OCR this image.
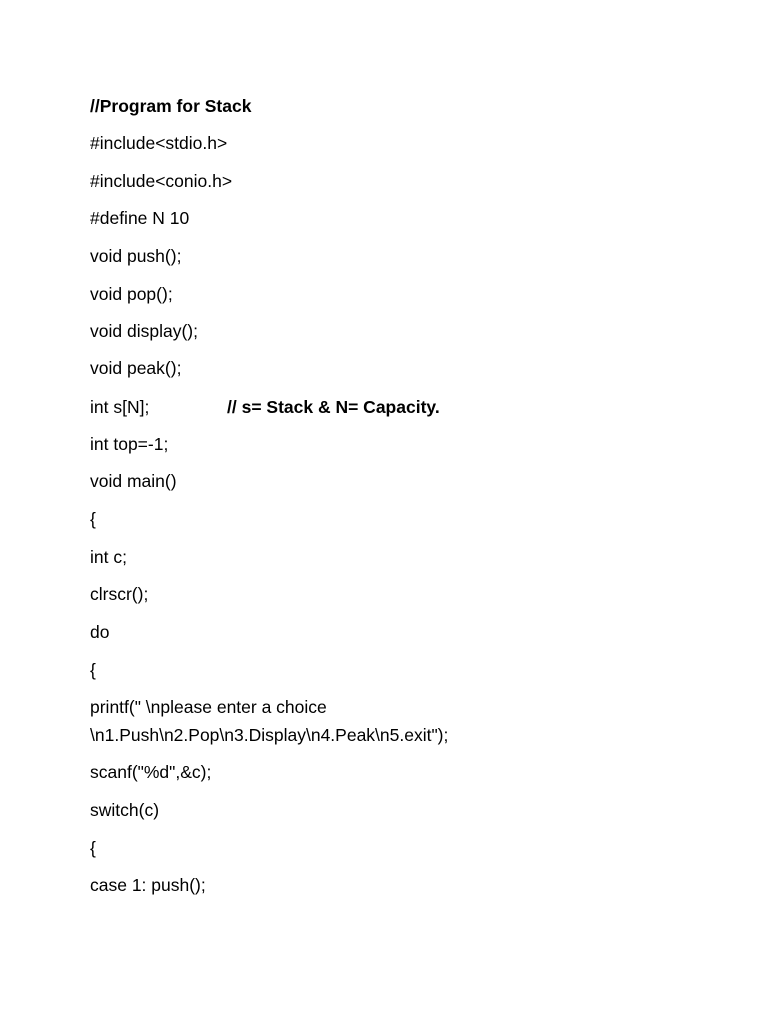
//Program for Stack
#include<stdio.h>
#include<conio.h>
#define N 10
void push();
void pop();
void display();
void peak();
int s[N];	// s= Stack & N= Capacity.
int top=-1;
void main()
{
int c;
clrscr();
do
{
printf(" \nplease enter a choice
\n1.Push\n2.Pop\n3.Display\n4.Peak\n5.exit");
scanf("%d",&c);
switch(c)
{
case 1: push();
